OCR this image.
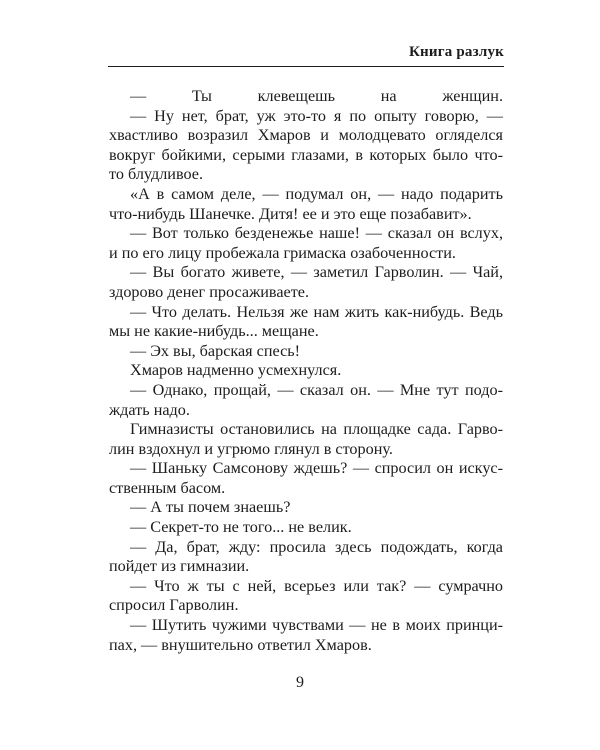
Книга разлук
— Ты клевещешь на женщин.
— Ну нет, брат, уж это-то я по опыту говорю, —
хвастливо возразил Хмаров и молодцевато огляделся
вокруг бойкими, серыми глазами, в которых было что-
то блудливое.
«А в самом деле, — подумал он, — надо подарить
что-нибудь Шанечке. Дитя! ее и это еще позабавит».
— Вот только безденежье наше! — сказал он вслух,
и по его лицу пробежала гримаска озабоченности.
— Вы богато живете, — заметил Гарволин. — Чай,
здорово денег просаживаете.
— Что делать. Нельзя же нам жить как-нибудь. Ведь
мы не какие-нибудь... мещане.
— Эх вы, барская спесь!
Хмаров надменно усмехнулся.
— Однако, прощай, — сказал он. — Мне тут подо-
ждать надо.
Гимназисты остановились на площадке сада. Гарво-
лин вздохнул и угрюмо глянул в сторону.
— Шаньку Самсонову ждешь? — спросил он искус-
ственным басом.
— А ты почем знаешь?
— Секрет-то не того... не велик.
— Да, брат, жду: просила здесь подождать, когда
пойдет из гимназии.
— Что ж ты с ней, всерьез или так? — сумрачно
спросил Гарволин.
— Шутить чужими чувствами — не в моих принци-
пах, — внушительно ответил Хмаров.
9
